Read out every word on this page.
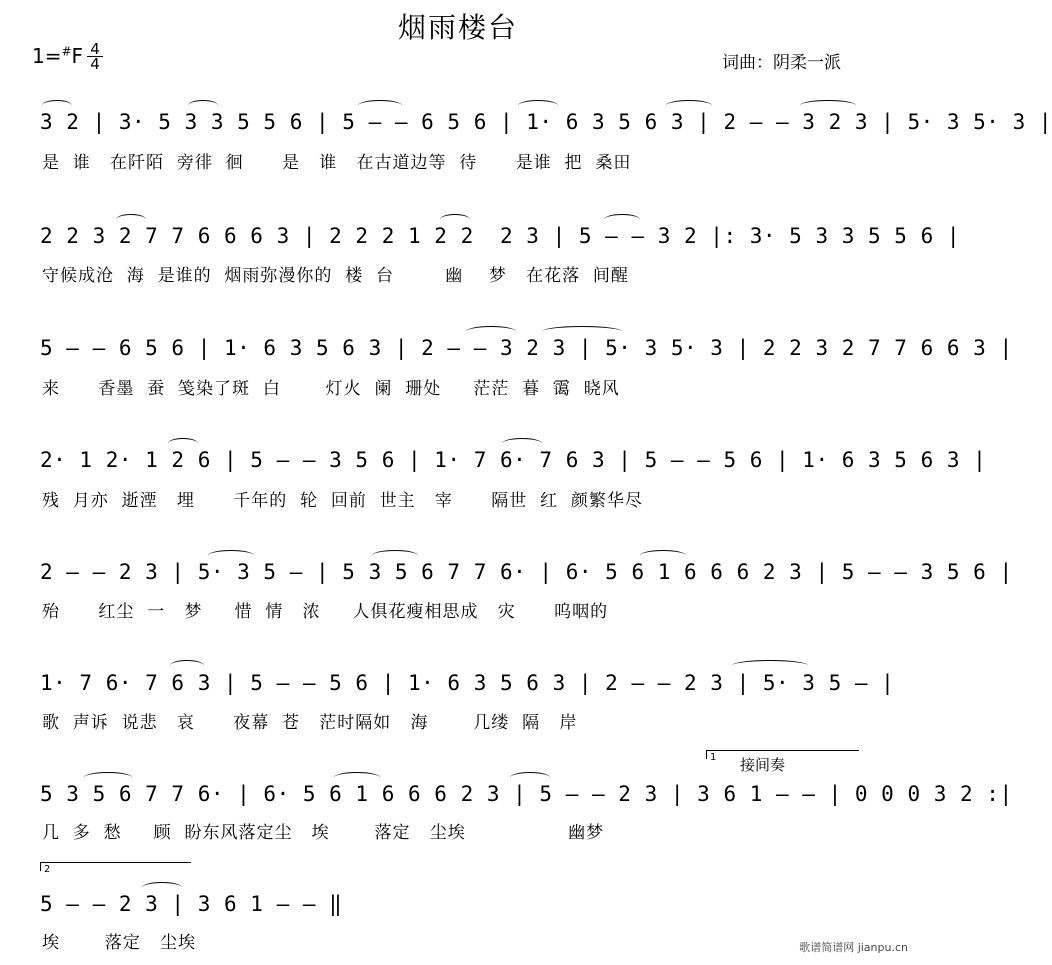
烟雨楼台
1=#F 4
4	词曲：阴柔一派
3 2 | 3· 5 3 3 5 5 6 | 5 — — 6 5 6 | 1· 6 3 5 6 3 | 2 — — 3 2 3 | 5· 3 5· 3 |
是  谁   在阡陌  旁徘  徊      是   谁   在古道边等  待      是谁  把  桑田
2 2 3 2 7 7 6 6 6 3 | 2 2 2 1 2 2  2 3 | 5 — — 3 2 |: 3· 5 3 3 5 5 6 |
守候成沧  海  是谁的  烟雨弥漫你的  楼  台        幽    梦   在花落  间醒
5 — — 6 5 6 | 1· 6 3 5 6 3 | 2 — — 3 2 3 | 5· 3 5· 3 | 2 2 3 2 7 7 6 6 3 |
来      香墨  蚕  笺染了斑  白       灯火  阑  珊处     茫茫  暮  霭  晓风
2· 1 2· 1 2 6 | 5 — — 3 5 6 | 1· 7 6· 7 6 3 | 5 — — 5 6 | 1· 6 3 5 6 3 |
残  月亦  逝湮   埋      千年的  轮  回前  世主   宰      隔世  红  颜繁华尽
2 — — 2 3 | 5· 3 5 — | 5 3 5 6 7 7 6· | 6· 5 6 1 6 6 6 2 3 | 5 — — 3 5 6 |
殆      红尘  一   梦     惜  情   浓     人俱花瘦相思成   灾      呜咽的
1· 7 6· 7 6 3 | 5 — — 5 6 | 1· 6 3 5 6 3 | 2 — — 2 3 | 5· 3 5 — |
歌  声诉  说悲   哀      夜幕  苍   茫时隔如   海       几缕  隔   岸
1 接间奏
5 3 5 6 7 7 6· | 6· 5 6 1 6 6 6 2 3 | 5 — — 2 3 | 3 6 1 — — | 0 0 0 3 2 :|
几  多  愁     顾  盼东风落定尘   埃       落定   尘埃                幽梦
2
5 — — 2 3 | 3 6 1 — — ‖
埃       落定   尘埃	歌谱简谱网 jianpu.cn
